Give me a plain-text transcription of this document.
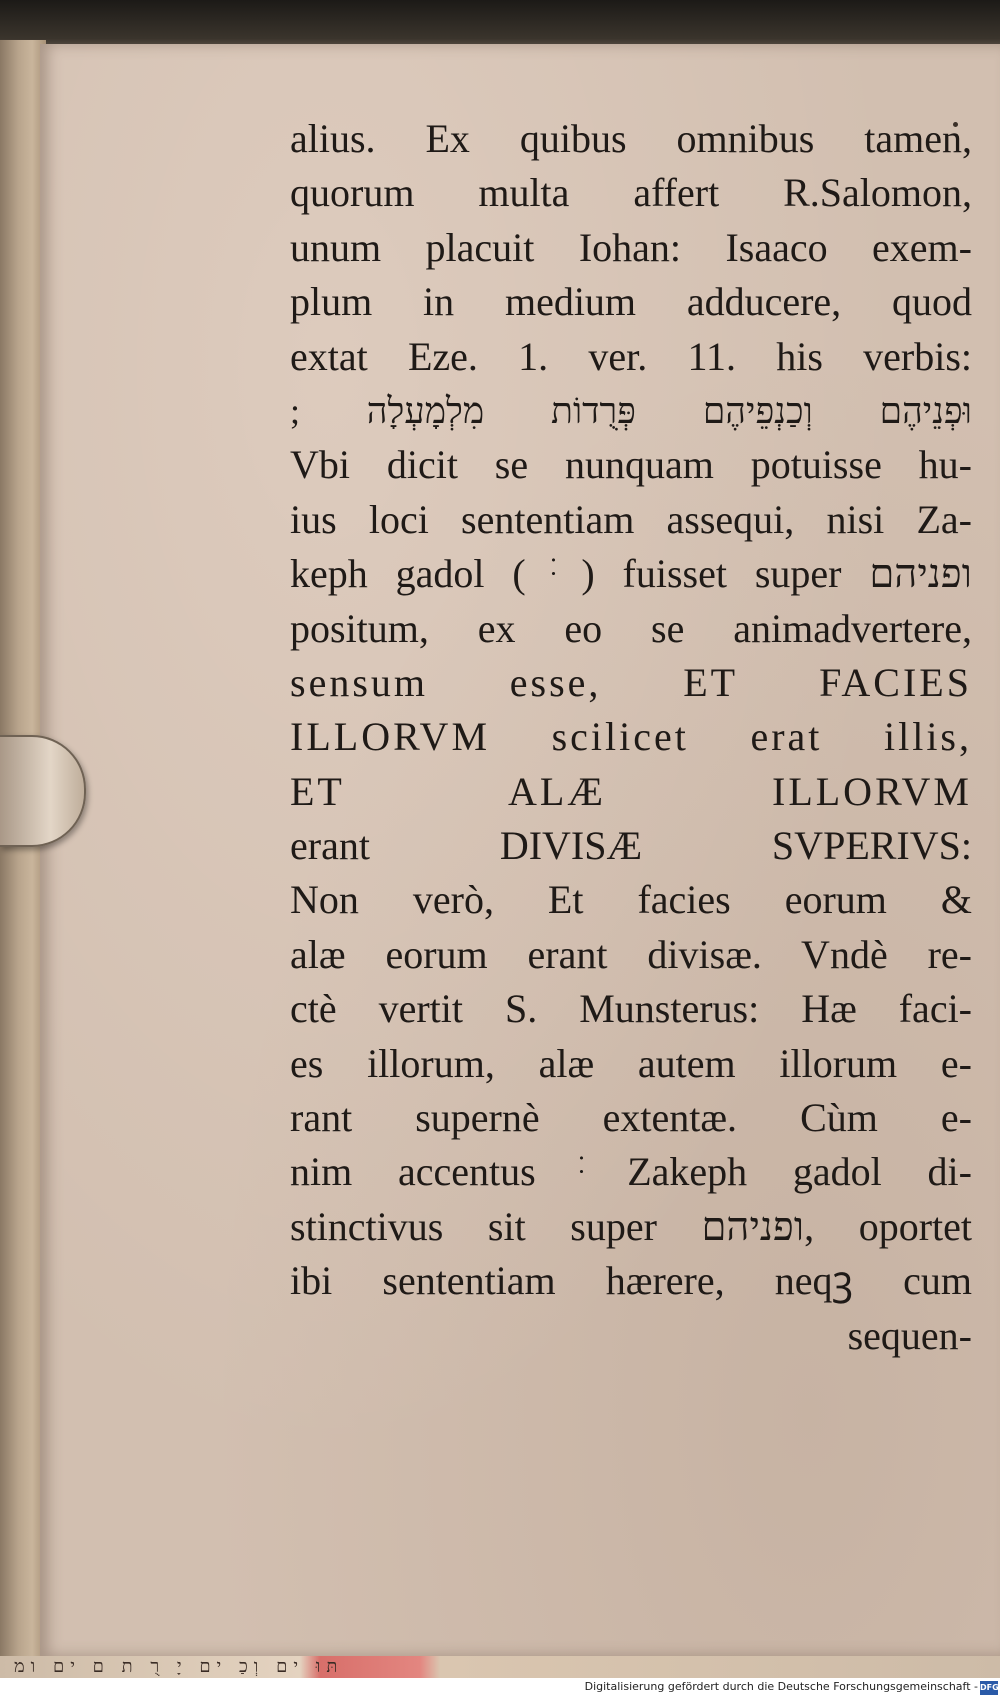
alius. Ex quibus omnibus tamen,
quorum multa affert R.Salomon,
unum placuit Iohan: Isaaco exem-
plum in medium adducere, quod
extat Eze. 1. ver. 11. his verbis:
וּפְנֵיהֶם וְכַנְפֵיהֶם פְּרֻדוֹת מִלְמָעְלָה ;
Vbi dicit se nunquam potuisse hu-
ius loci sententiam assequi, nisi Za-
keph gadol ( ּׂ ) fuisset super ופניהם
positum, ex eo se animadvertere,
sensum esse, ET FACIES
ILLORVM scilicet erat illis,
ET ALÆ ILLORVM
erant DIVISÆ SVPERIVS:
Non verò, Et facies eorum &
alæ eorum erant divisæ. Vndè re-
ctè vertit S. Munsterus: Hæ faci-
es illorum, alæ autem illorum e-
rant supernè extentæ. Cùm e-
nim accentus ּׂ Zakeph gadol di-
stinctivus sit super ופניהם, oportet
ibi sententiam hærere, neqꝫ cum
sequen-
תּוּ ים וְכַ ים יָ רֻ ת ם ים ומ
Digitalisierung gefördert durch die Deutsche Forschungsgemeinschaft - DFG
